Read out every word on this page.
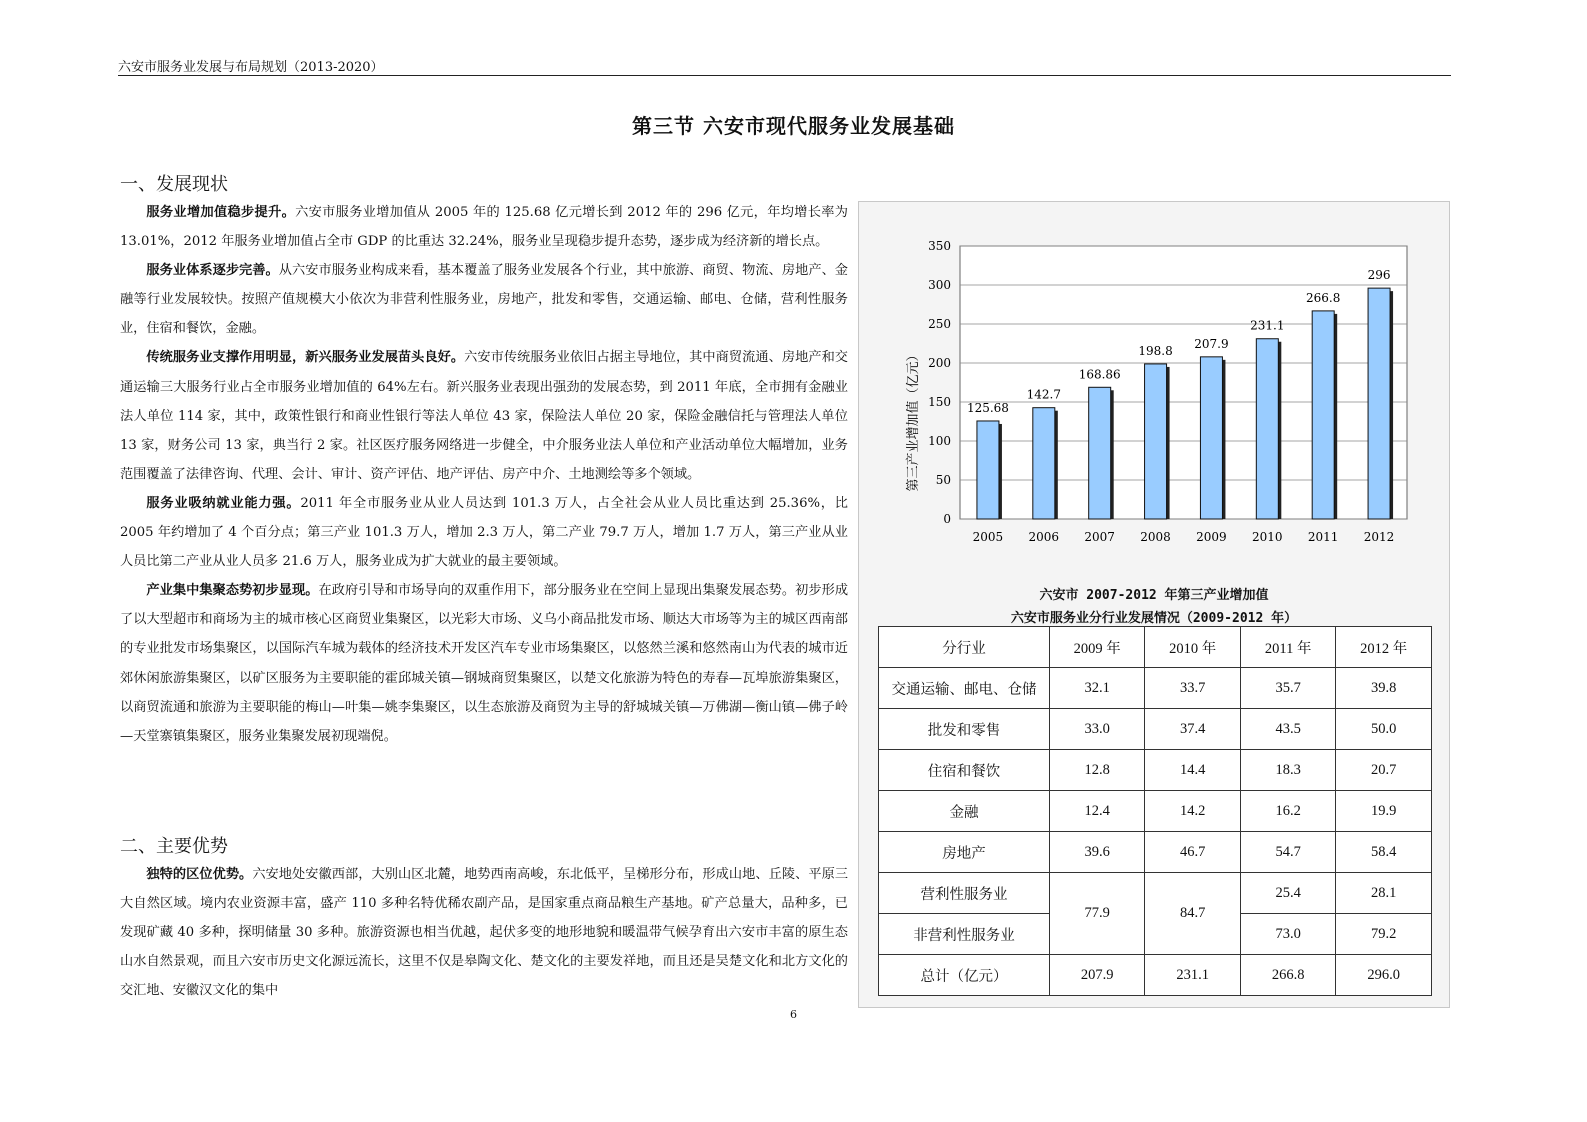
六安市服务业发展与布局规划（2013-2020）
第三节 六安市现代服务业发展基础
一、发展现状

服务业增加值稳步提升。六安市服务业增加值从 2005 年的 125.68 亿元增长到 2012 年的 296 亿元，年均增长率为 13.01%，2012 年服务业增加值占全市 GDP 的比重达 32.24%，服务业呈现稳步提升态势，逐步成为经济新的增长点。

服务业体系逐步完善。从六安市服务业构成来看，基本覆盖了服务业发展各个行业，其中旅游、商贸、物流、房地产、金融等行业发展较快。按照产值规模大小依次为非营利性服务业，房地产，批发和零售，交通运输、邮电、仓储，营利性服务业，住宿和餐饮，金融。

传统服务业支撑作用明显，新兴服务业发展苗头良好。六安市传统服务业依旧占据主导地位，其中商贸流通、房地产和交通运输三大服务行业占全市服务业增加值的 64%左右。新兴服务业表现出强劲的发展态势，到 2011 年底，全市拥有金融业法人单位 114 家，其中，政策性银行和商业性银行等法人单位 43 家，保险法人单位 20 家，保险金融信托与管理法人单位 13 家，财务公司 13 家，典当行 2 家。社区医疗服务网络进一步健全，中介服务业法人单位和产业活动单位大幅增加，业务范围覆盖了法律咨询、代理、会计、审计、资产评估、地产评估、房产中介、土地测绘等多个领域。

服务业吸纳就业能力强。2011 年全市服务业从业人员达到 101.3 万人，占全社会从业人员比重达到 25.36%，比 2005 年约增加了 4 个百分点；第三产业 101.3 万人，增加 2.3 万人，第二产业 79.7 万人，增加 1.7 万人，第三产业从业人员比第二产业从业人员多 21.6 万人，服务业成为扩大就业的最主要领域。

产业集中集聚态势初步显现。在政府引导和市场导向的双重作用下，部分服务业在空间上显现出集聚发展态势。初步形成了以大型超市和商场为主的城市核心区商贸业集聚区，以光彩大市场、义乌小商品批发市场、顺达大市场等为主的城区西南部的专业批发市场集聚区，以国际汽车城为载体的经济技术开发区汽车专业市场集聚区，以悠然兰溪和悠然南山为代表的城市近郊休闲旅游集聚区，以矿区服务为主要职能的霍邱城关镇—钢城商贸集聚区，以楚文化旅游为特色的寿春—瓦埠旅游集聚区，以商贸流通和旅游为主要职能的梅山—叶集—姚李集聚区，以生态旅游及商贸为主导的舒城城关镇—万佛湖—衡山镇—佛子岭—天堂寨镇集聚区，服务业集聚发展初现端倪。

二、主要优势

独特的区位优势。六安地处安徽西部，大别山区北麓，地势西南高峻，东北低平，呈梯形分布，形成山地、丘陵、平原三大自然区域。境内农业资源丰富，盛产 110 多种名特优稀农副产品，是国家重点商品粮生产基地。矿产总量大，品种多，已发现矿藏 40 多种，探明储量 30 多种。旅游资源也相当优越，起伏多变的地形地貌和暖温带气候孕育出六安市丰富的原生态山水自然景观，而且六安市历史文化源远流长，这里不仅是皋陶文化、楚文化的主要发祥地，而且还是吴楚文化和北方文化的交汇地、安徽汉文化的集中

125.68
142.7
168.86
198.8
207.9
231.1
266.8
296
0
50
100
150
200
250
300
350
2005 2006 2007 2008 2009 2010 2011 2012
第三产业增加值（亿元）
六安市 2007-2012 年第三产业增加值
六安市服务业分行业发展情况（2009-2012 年）
分行业	2009 年	2010 年	2011 年	2012 年
交通运输、邮电、仓储	32.1	33.7	35.7	39.8
批发和零售	33.0	37.4	43.5	50.0
住宿和餐饮	12.8	14.4	18.3	20.7
金融	12.4	14.2	16.2	19.9
房地产	39.6	46.7	54.7	58.4
营利性服务业	77.9	84.7	25.4	28.1
非营利性服务业			73.0	79.2
总计（亿元）	207.9	231.1	266.8	296.0
6
